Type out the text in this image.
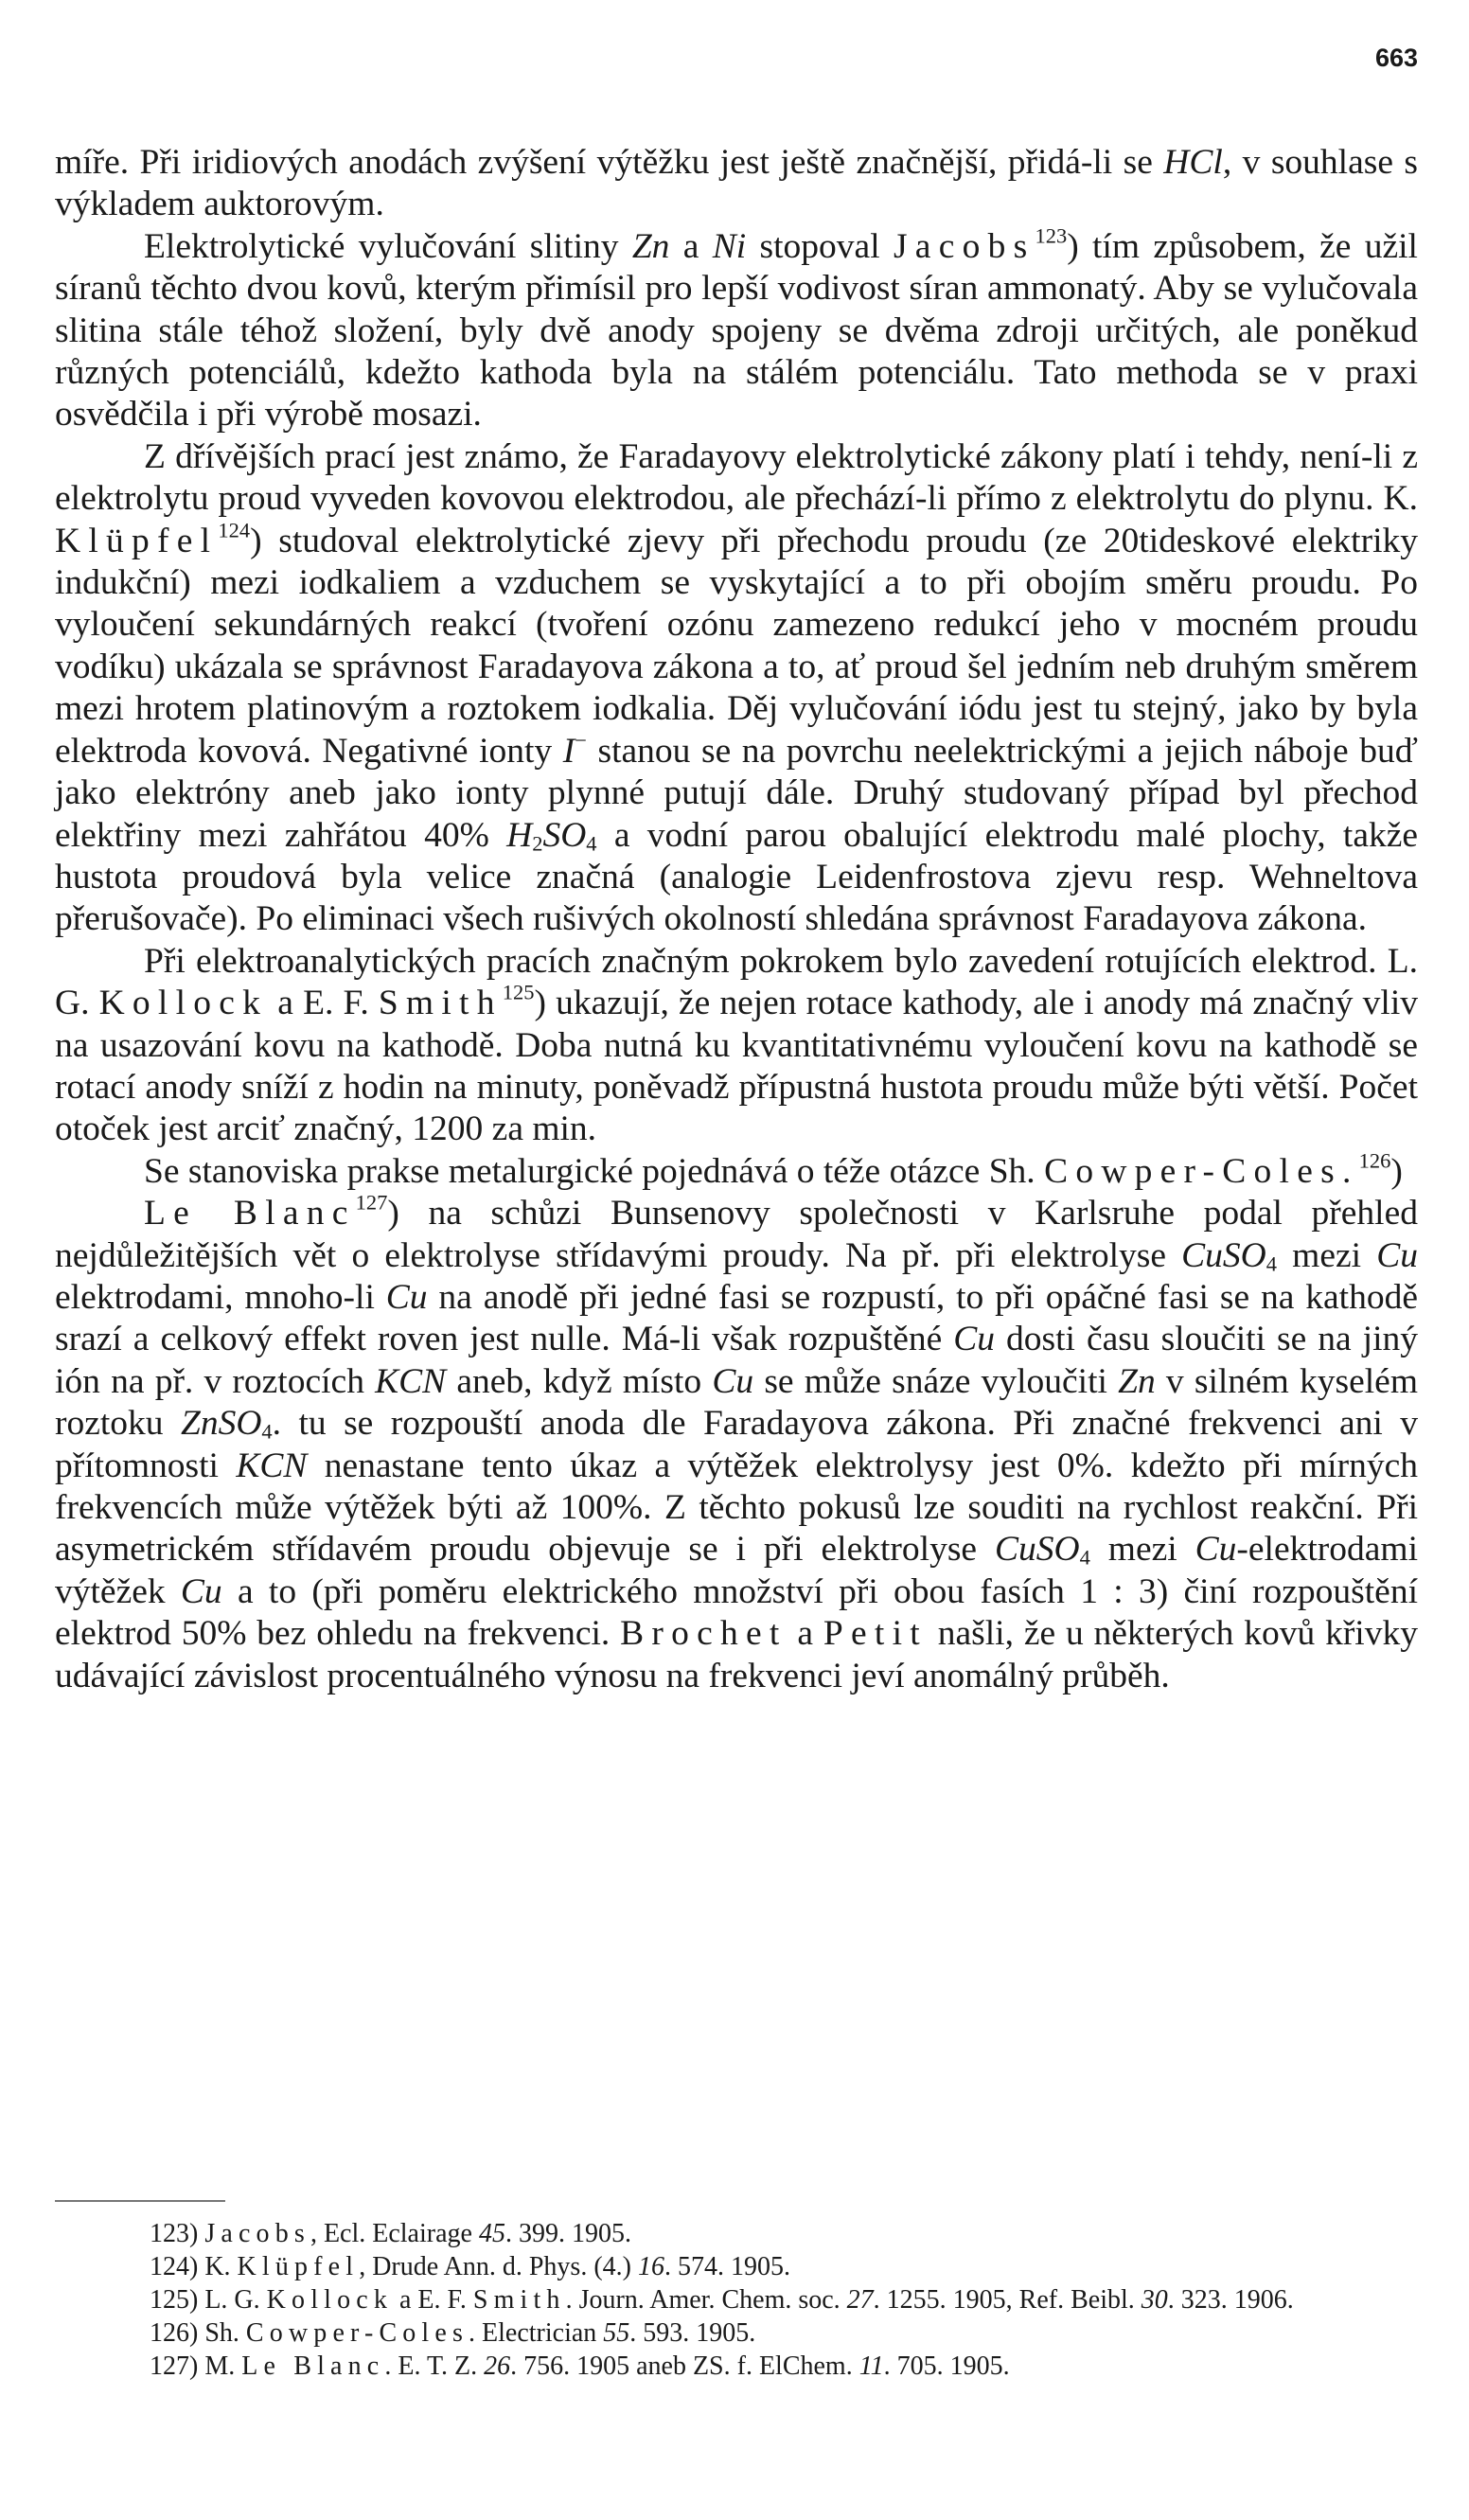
663

míře. Při iridiových anodách zvýšení výtěžku jest ještě značnější, přidá-li se HCl, v souhlase s výkladem auktorovým.

Elektrolytické vylučování slitiny Zn a Ni stopoval Jacobs$^{123}$) tím způsobem, že užil síranů těchto dvou kovů, kterým přimísil pro lepší vodivost síran ammonatý. Aby se vylučovala slitina stále téhož složení, byly dvě anody spojeny se dvěma zdroji určitých, ale poněkud různých potenciálů, kdežto kathoda byla na stálém potenciálu. Tato methoda se v praxi osvědčila i při výrobě mosazi.

Z dřívějších prací jest známo, že Faradayovy elektrolytické zákony platí i tehdy, není-li z elektrolytu proud vyveden kovovou elektrodou, ale přechází-li přímo z elektrolytu do plynu. K. Klüpfel$^{124}$) studoval elektrolytické zjevy při přechodu proudu (ze 20tideskové elektriky indukční) mezi iodkaliem a vzduchem se vyskytající a to při obojím směru proudu. Po vyloučení sekundárných reakcí (tvoření ozónu zamezeno redukcí jeho v mocném proudu vodíku) ukázala se správnost Faradayova zákona a to, ať proud šel jedním neb druhým směrem mezi hrotem platinovým a roztokem iodkalia. Děj vylučování iódu jest tu stejný, jako by byla elektroda kovová. Negativné ionty I− stanou se na povrchu neelektrickými a jejich náboje buď jako elektróny aneb jako ionty plynné putují dále. Druhý studovaný případ byl přechod elektřiny mezi zahřátou 40% $H_2SO_4$ a vodní parou obalující elektrodu malé plochy, takže hustota proudová byla velice značná (analogie Leidenfrostova zjevu resp. Wehneltova přerušovače). Po eliminaci všech rušivých okolností shledána správnost Faradayova zákona.

Při elektroanalytických pracích značným pokrokem bylo zavedení rotujících elektrod. L. G. Kollock a E. F. Smith$^{125}$) ukazují, že nejen rotace kathody, ale i anody má značný vliv na usazování kovu na kathodě. Doba nutná ku kvantitativnému vyloučení kovu na kathodě se rotací anody sníží z hodin na minuty, poněvadž přípustná hustota proudu může býti větší. Počet otoček jest arciť značný, 1200 za min.

Se stanoviska prakse metalurgické pojednává o téže otázce Sh. Cowper-Coles.$^{126}$)

Le Blanc$^{127}$) na schůzi Bunsenovy společnosti v Karlsruhe podal přehled nejdůležitějších vět o elektrolyse střídavými proudy. Na př. při elektrolyse CuSO$_4$ mezi Cu elektrodami, mnoho-li Cu na anodě při jedné fasi se rozpustí, to při opáčné fasi se na kathodě srazí a celkový effekt roven jest nulle. Má-li však rozpuštěné Cu dosti času sloučiti se na jiný ión na př. v roztocích KCN aneb, když místo Cu se může snáze vyloučiti Zn v silném kyselém roztoku ZnSO$_4$. tu se rozpouští anoda dle Faradayova zákona. Při značné frekvenci ani v přítomnosti KCN nenastane tento úkaz a výtěžek elektrolysy jest 0%. kdežto při mírných frekvencích může výtěžek býti až 100%. Z těchto pokusů lze souditi na rychlost reakční. Při asymetrickém střídavém proudu objevuje se i při elektrolyse CuSO$_4$ mezi Cu-elektrodami výtěžek Cu a to (při poměru elektrického množství při obou fasích 1 : 3) činí rozpouštění elektrod 50% bez ohledu na frekvenci. Brochet a Petit našli, že u některých kovů křivky udávající závislost procentuálného výnosu na frekvenci jeví anomálný průběh.

123) Jacobs, Ecl. Eclairage 45. 399. 1905.

124) K. Klüpfel, Drude Ann. d. Phys. (4.) 16. 574. 1905.

125) L. G. Kollock a E. F. Smith. Journ. Amer. Chem. soc. 27. 1255. 1905, Ref. Beibl. 30. 323. 1906.

126) Sh. Cowper-Coles. Electrician 55. 593. 1905.

127) M. Le Blanc. E. T. Z. 26. 756. 1905 aneb ZS. f. ElChem. 11. 705. 1905.
